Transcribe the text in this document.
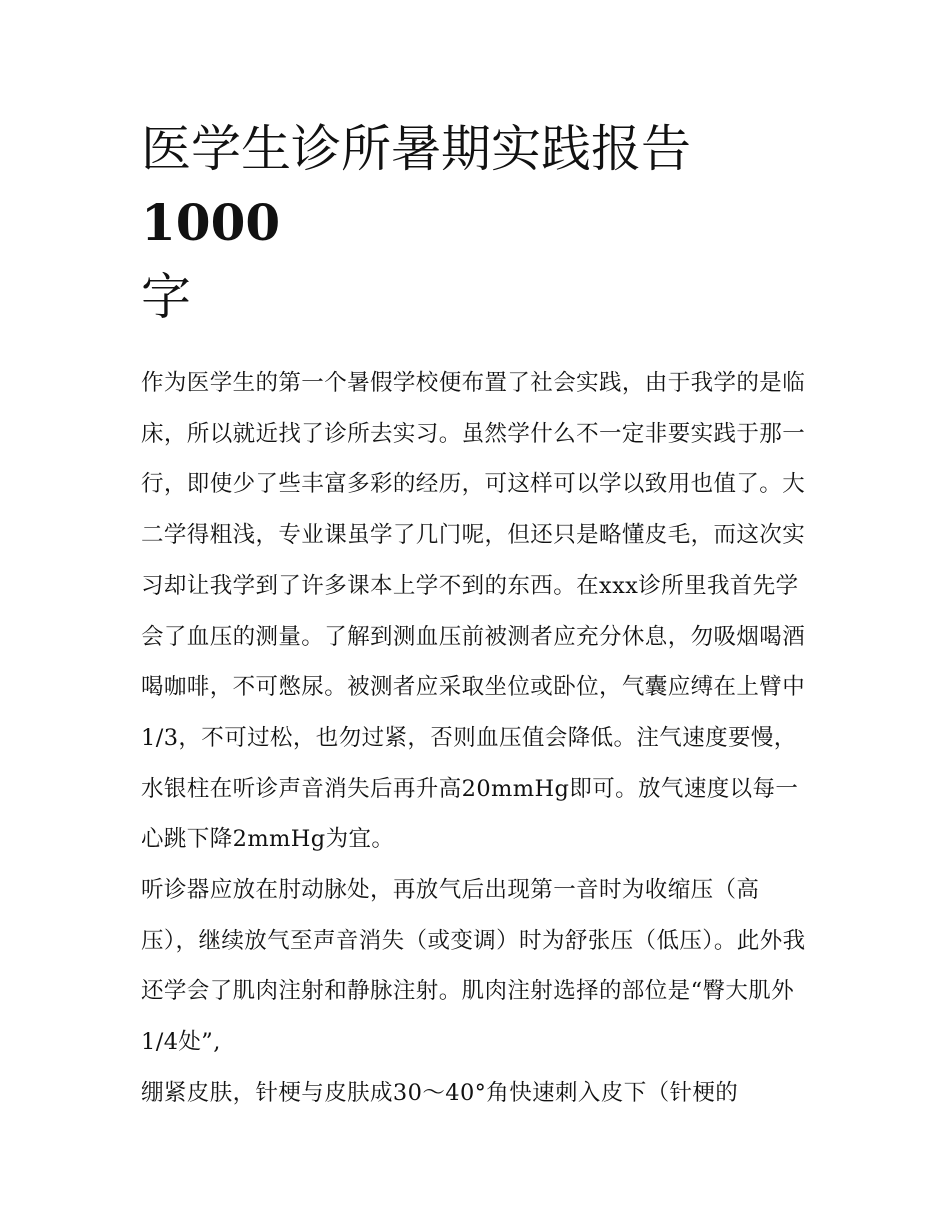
医学生诊所暑期实践报告1000
字

作为医学生的第一个暑假学校便布置了社会实践，由于我学的是临床，所以就近找了诊所去实习。虽然学什么不一定非要实践于那一行，即使少了些丰富多彩的经历，可这样可以学以致用也值了。大二学得粗浅，专业课虽学了几门呢，但还只是略懂皮毛，而这次实习却让我学到了许多课本上学不到的东西。在xxx诊所里我首先学会了血压的测量。了解到测血压前被测者应充分休息，勿吸烟喝酒喝咖啡，不可憋尿。被测者应采取坐位或卧位，气囊应缚在上臂中1/3，不可过松，也勿过紧，否则血压值会降低。注气速度要慢，水银柱在听诊声音消失后再升高20mmHg即可。放气速度以每一心跳下降2mmHg为宜。

听诊器应放在肘动脉处，再放气后出现第一音时为收缩压（高压），继续放气至声音消失（或变调）时为舒张压（低压）。此外我还学会了肌肉注射和静脉注射。肌肉注射选择的部位是“臀大肌外1/4处”,

绷紧皮肤，针梗与皮肤成30～40°角快速刺入皮下（针梗的
